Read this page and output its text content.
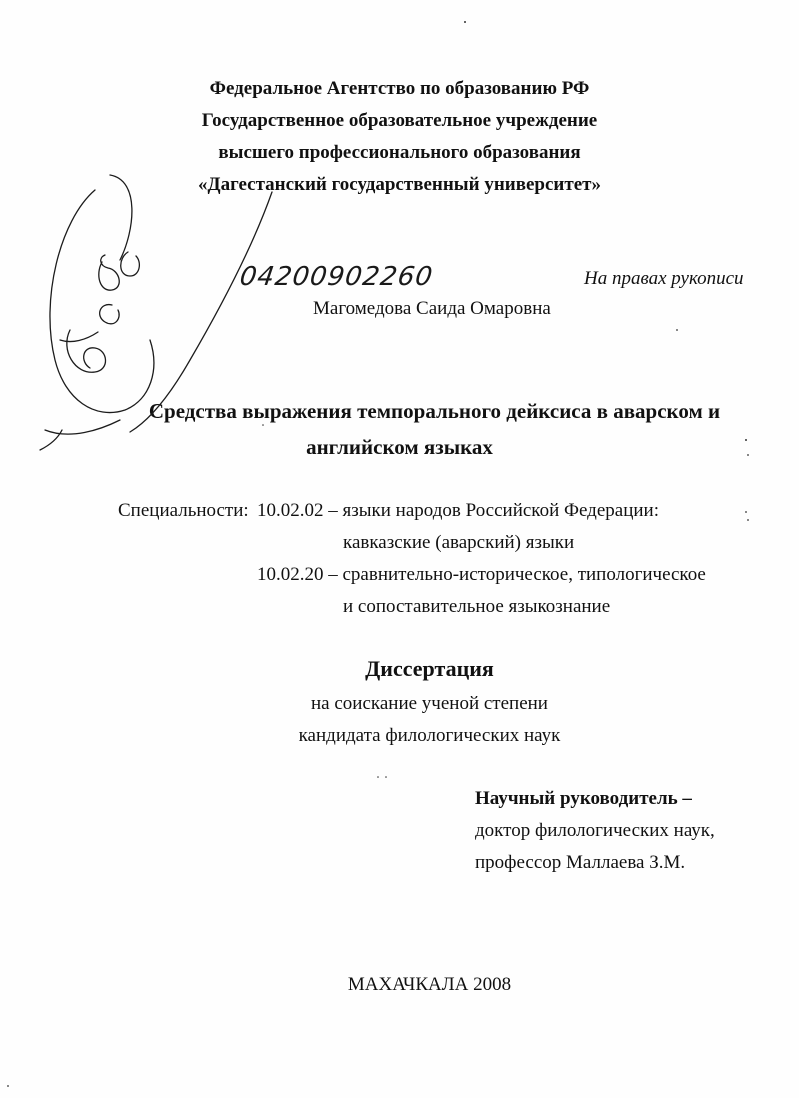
Федеральное Агентство по образованию РФ
Государственное образовательное учреждение
высшего профессионального образования
«Дагестанский государственный университет»
04200902260	На правах рукописи
Магомедова Саида Омаровна
Средства выражения темпорального дейксиса в аварском и
английском языках
Специальности: 10.02.02 – языки народов Российской Федерации:
кавказские (аварский) языки
10.02.20 – сравнительно-историческое, типологическое
и сопоставительное языкознание
Диссертация
на соискание ученой степени
кандидата филологических наук
Научный руководитель –
доктор филологических наук,
профессор Маллаева З.М.
МАХАЧКАЛА 2008
